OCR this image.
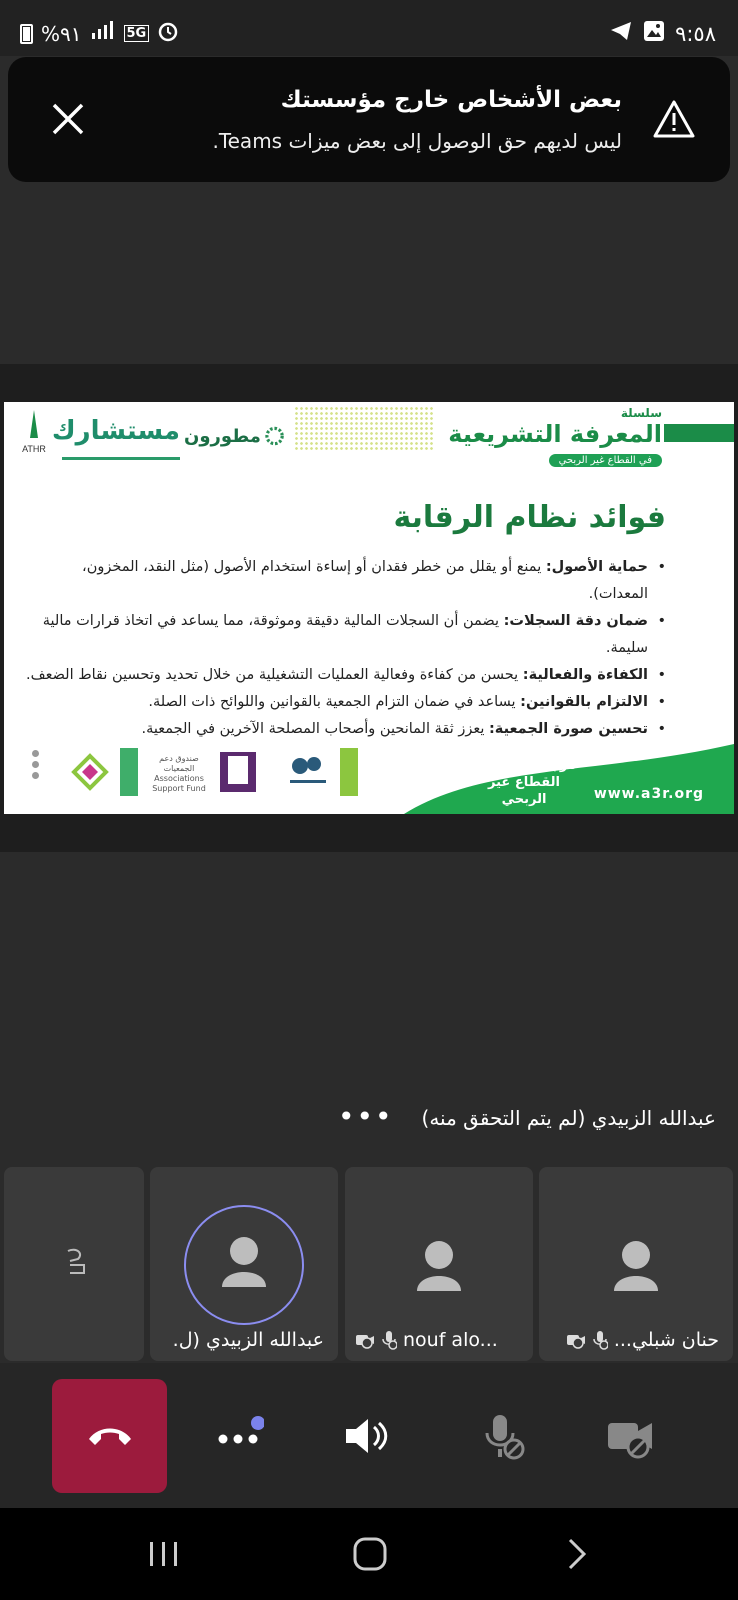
%٩١	5G	٩:٥٨
بعض الأشخاص خارج مؤسستك
ليس لديهم حق الوصول إلى بعض ميزات Teams.
ATHR
مستشارك مطورون
سلسلة
المعرفة التشريعية
في القطاع غير الربحي
فوائد نظام الرقابة
• حماية الأصول: يمنع أو يقلل من خطر فقدان أو إساءة استخدام الأصول (مثل النقد، المخزون، المعدات).
• ضمان دقة السجلات: يضمن أن السجلات المالية دقيقة وموثوقة، مما يساعد في اتخاذ قرارات مالية سليمة.
• الكفاءة والفعالية: يحسن من كفاءة وفعالية العمليات التشغيلية من خلال تحديد وتحسين نقاط الضعف.
• الالتزام بالقوانين: يساعد في ضمان التزام الجمعية بالقوانين واللوائح ذات الصلة.
• تحسين صورة الجمعية: يعزز ثقة المانحين وأصحاب المصلحة الآخرين في الجمعية.
مرجعيتك لتطوير القطاع غير الربحي	www.a3r.org
صندوق دعم الجمعيات Associations Support Fund
عبدالله الزبيدي (لم يتم التحقق منه)
•••
عبدالله الزبيدي (ل.	nouf alo...	حنان شبلي...
